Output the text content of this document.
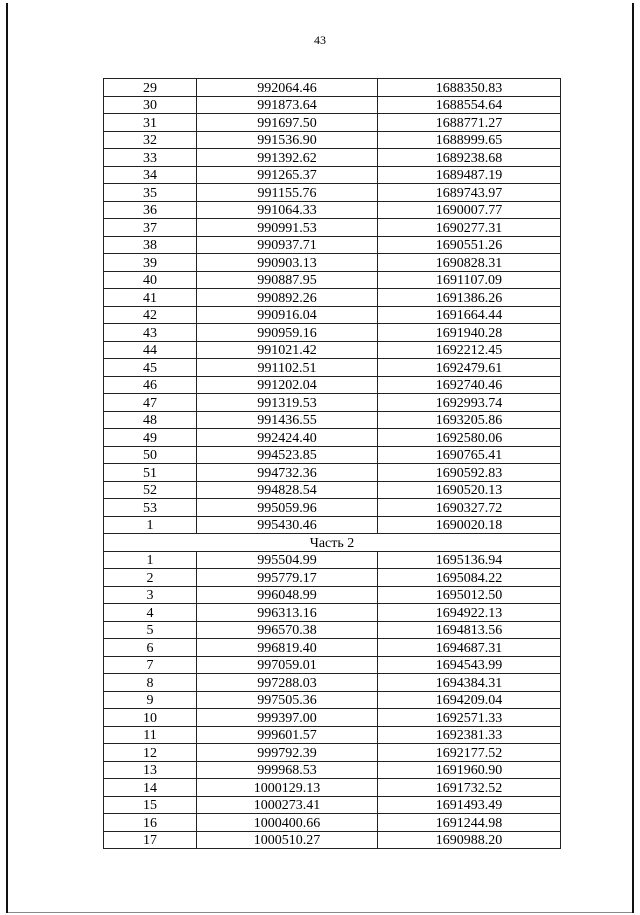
43
29	992064.46	1688350.83
30	991873.64	1688554.64
31	991697.50	1688771.27
32	991536.90	1688999.65
33	991392.62	1689238.68
34	991265.37	1689487.19
35	991155.76	1689743.97
36	991064.33	1690007.77
37	990991.53	1690277.31
38	990937.71	1690551.26
39	990903.13	1690828.31
40	990887.95	1691107.09
41	990892.26	1691386.26
42	990916.04	1691664.44
43	990959.16	1691940.28
44	991021.42	1692212.45
45	991102.51	1692479.61
46	991202.04	1692740.46
47	991319.53	1692993.74
48	991436.55	1693205.86
49	992424.40	1692580.06
50	994523.85	1690765.41
51	994732.36	1690592.83
52	994828.54	1690520.13
53	995059.96	1690327.72
1	995430.46	1690020.18
Часть 2		
1	995504.99	1695136.94
2	995779.17	1695084.22
3	996048.99	1695012.50
4	996313.16	1694922.13
5	996570.38	1694813.56
6	996819.40	1694687.31
7	997059.01	1694543.99
8	997288.03	1694384.31
9	997505.36	1694209.04
10	999397.00	1692571.33
11	999601.57	1692381.33
12	999792.39	1692177.52
13	999968.53	1691960.90
14	1000129.13	1691732.52
15	1000273.41	1691493.49
16	1000400.66	1691244.98
17	1000510.27	1690988.20
